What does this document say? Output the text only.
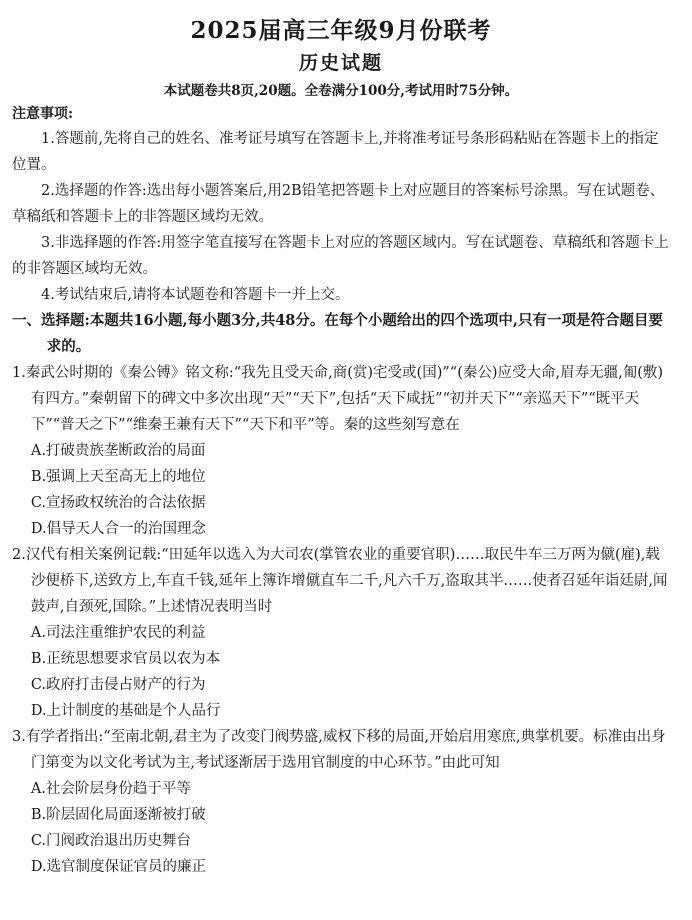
2025届高三年级9月份联考
历史试题
本试题卷共8页,20题。全卷满分100分,考试用时75分钟。
注意事项:
1.答题前,先将自己的姓名、准考证号填写在答题卡上,并将准考证号条形码粘贴在答题卡上的指定位置。
2.选择题的作答:选出每小题答案后,用2B铅笔把答题卡上对应题目的答案标号涂黑。写在试题卷、草稿纸和答题卡上的非答题区域均无效。
3.非选择题的作答:用签字笔直接写在答题卡上对应的答题区域内。写在试题卷、草稿纸和答题卡上的非答题区域均无效。
4.考试结束后,请将本试题卷和答题卡一并上交。
一、选择题:本题共16小题,每小题3分,共48分。在每个小题给出的四个选项中,只有一项是符合题目要求的。
1.秦武公时期的《秦公镈》铭文称:“我先且受天命,商(赏)宅受或(国)”“(秦公)应受大命,眉寿无疆,匍(敷)有四方。”秦朝留下的碑文中多次出现“天”“天下”,包括“天下咸抚”“初并天下”“亲巡天下”“既平天下”“普天之下”“维秦王兼有天下”“天下和平”等。秦的这些刻写意在
A.打破贵族垄断政治的局面
B.强调上天至高无上的地位
C.宣扬政权统治的合法依据
D.倡导天人合一的治国理念
2.汉代有相关案例记载:“田延年以选入为大司农(掌管农业的重要官职)……取民牛车三万两为僦(雇),载沙便桥下,送致方上,车直千钱,延年上簿诈增僦直车二千,凡六千万,盗取其半……使者召延年诣廷尉,闻鼓声,自颈死,国除。”上述情况表明当时
A.司法注重维护农民的利益
B.正统思想要求官员以农为本
C.政府打击侵占财产的行为
D.上计制度的基础是个人品行
3.有学者指出:“至南北朝,君主为了改变门阀势盛,威权下移的局面,开始启用寒庶,典掌机要。标准由出身门第变为以文化考试为主,考试逐渐居于选用官制度的中心环节。”由此可知
A.社会阶层身份趋于平等
B.阶层固化局面逐渐被打破
C.门阀政治退出历史舞台
D.选官制度保证官员的廉正
